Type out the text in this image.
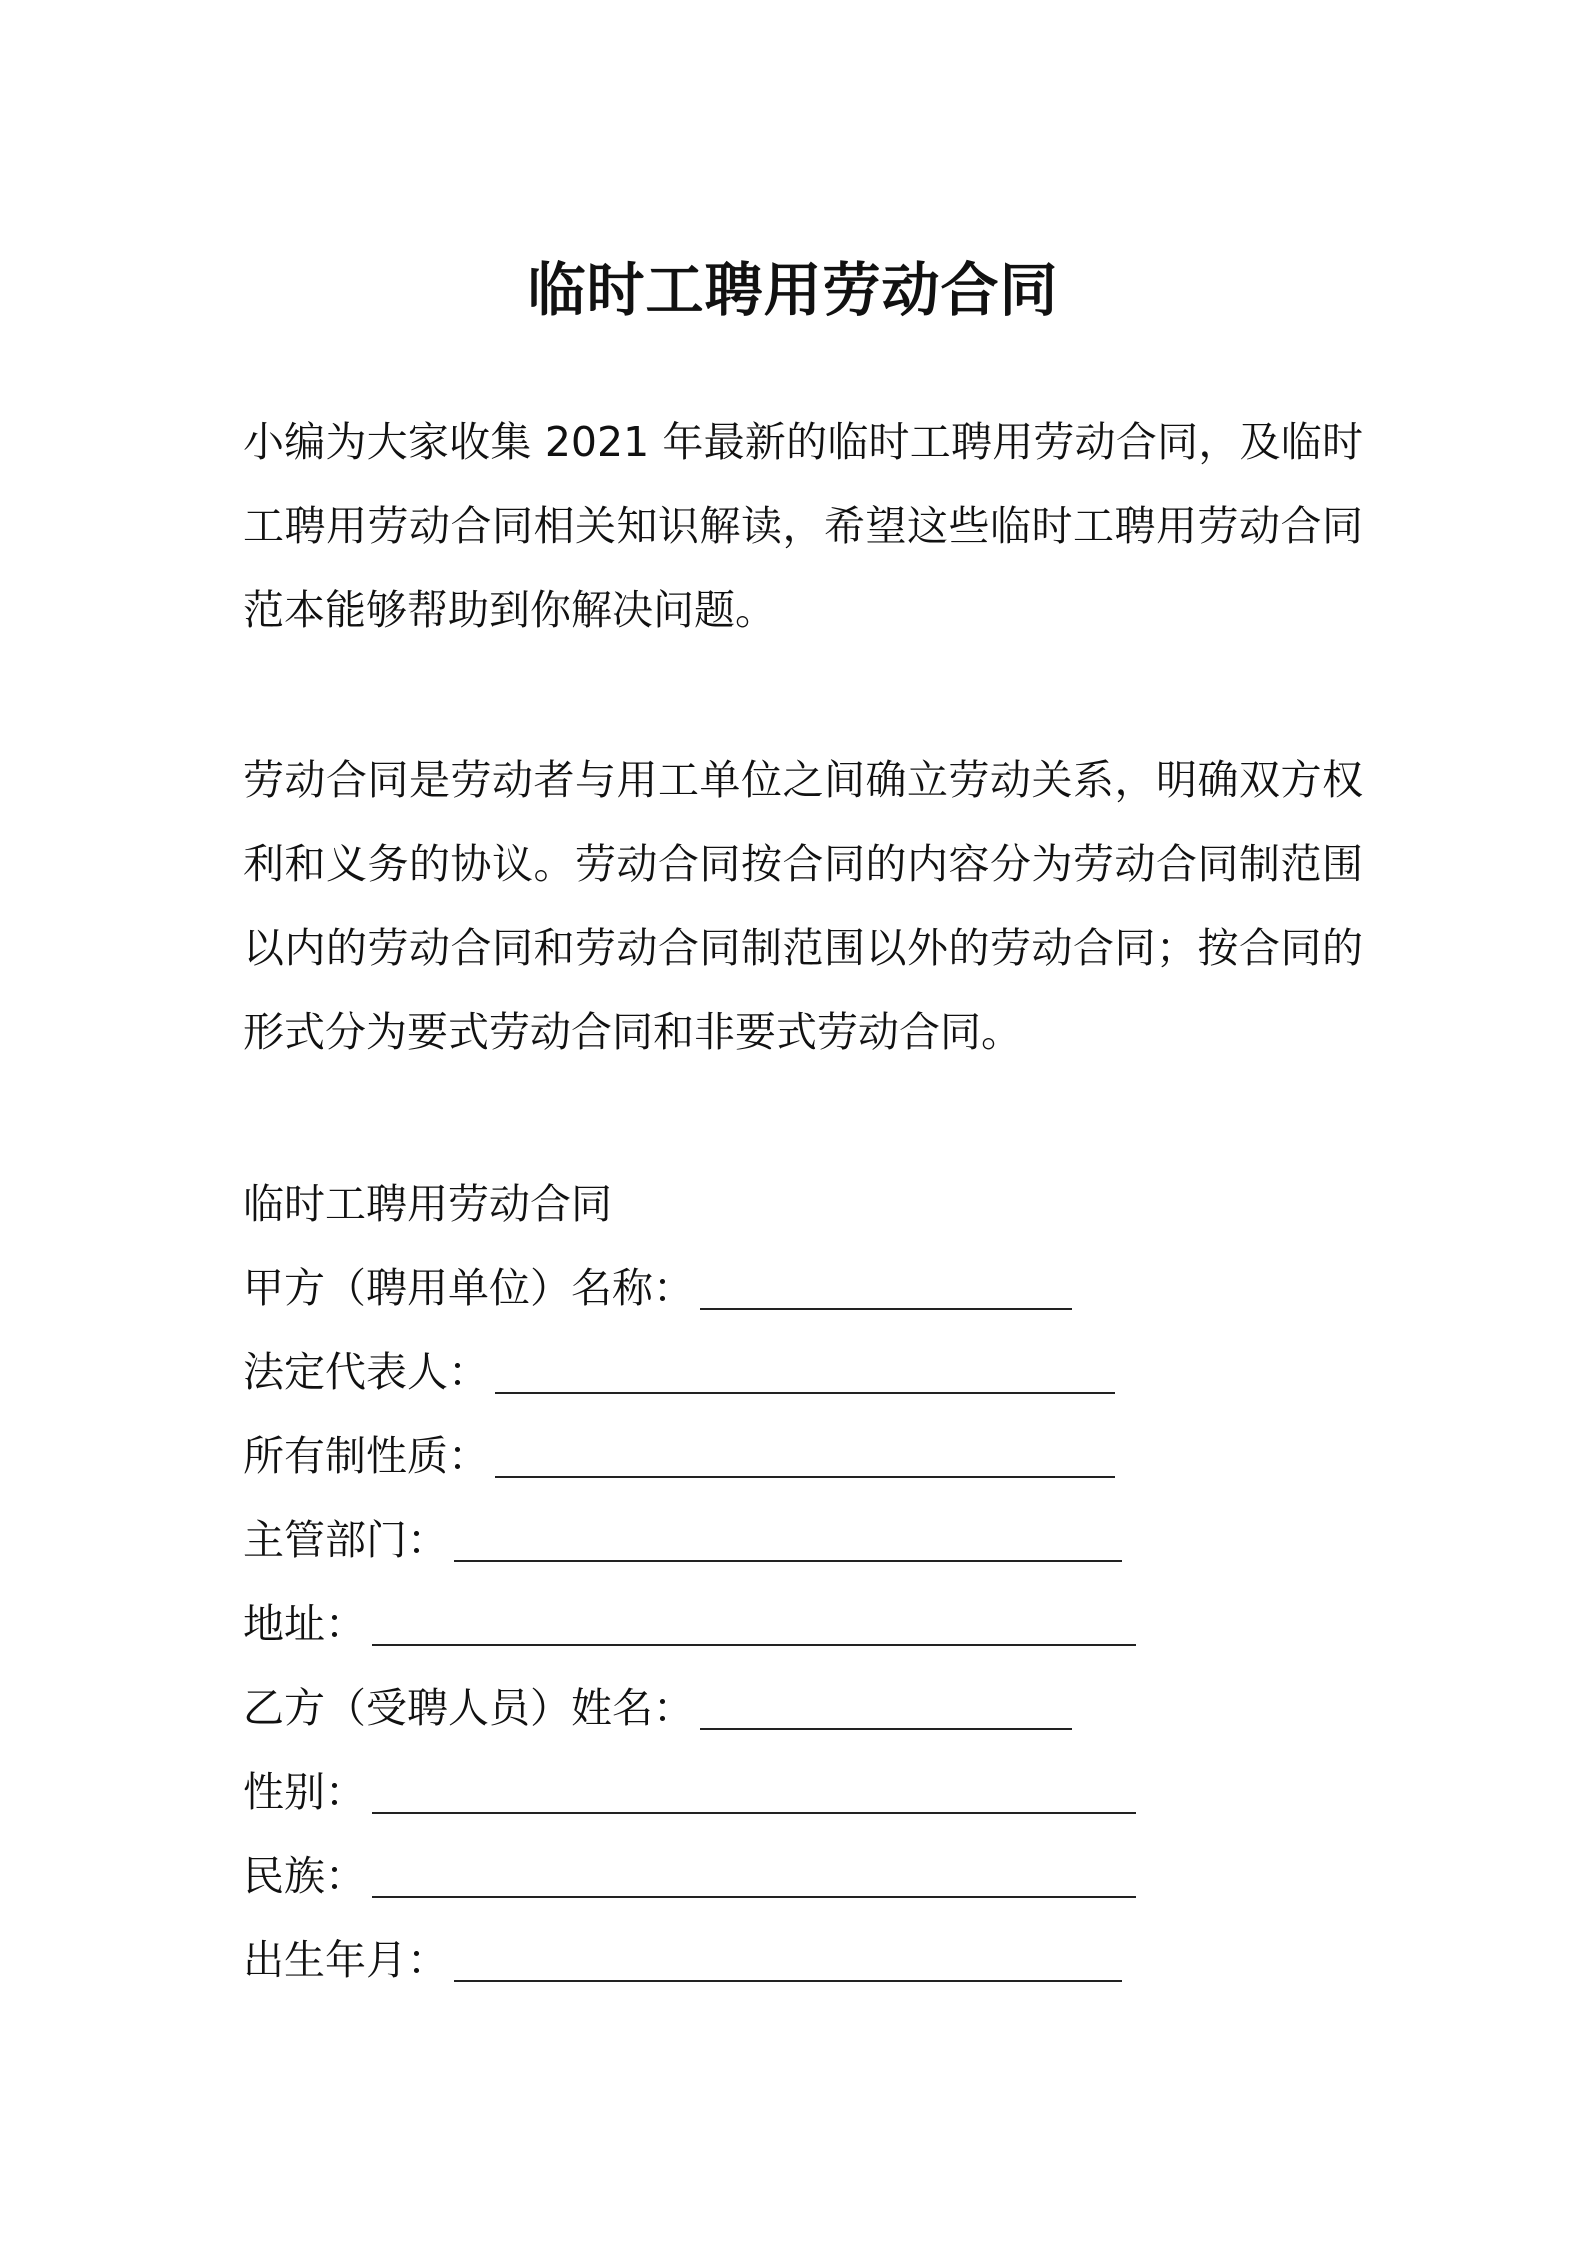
临时工聘用劳动合同

小编为大家收集 2021 年最新的临时工聘用劳动合同，及临时工聘用劳动合同相关知识解读，希望这些临时工聘用劳动合同范本能够帮助到你解决问题。

劳动合同是劳动者与用工单位之间确立劳动关系，明确双方权利和义务的协议。劳动合同按合同的内容分为劳动合同制范围以内的劳动合同和劳动合同制范围以外的劳动合同；按合同的形式分为要式劳动合同和非要式劳动合同。

临时工聘用劳动合同
甲方（聘用单位）名称：
法定代表人：
所有制性质：
主管部门：
地址：
乙方（受聘人员）姓名：
性别：
民族：
出生年月：
